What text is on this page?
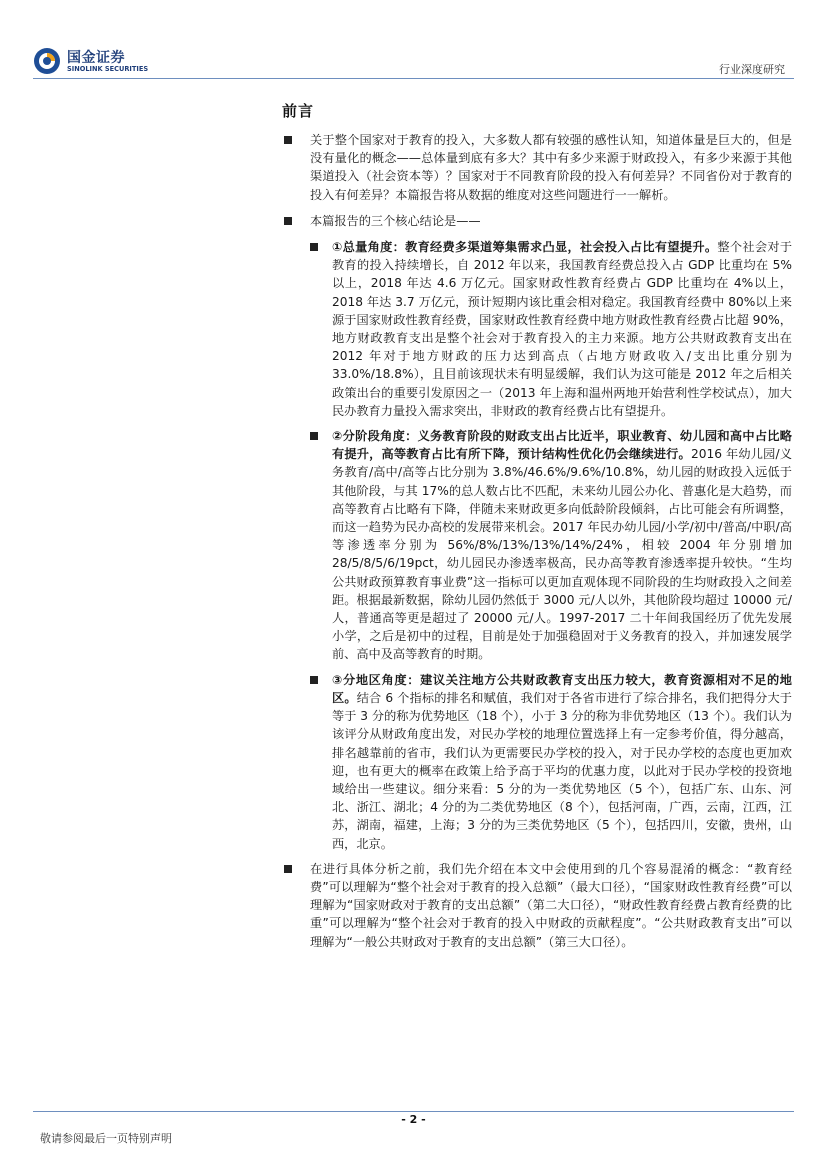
国金证券
SINOLINK SECURITIES	行业深度研究
前言
关于整个国家对于教育的投入，大多数人都有较强的感性认知，知道体量是巨大的，但是没有量化的概念——总体量到底有多大？其中有多少来源于财政投入，有多少来源于其他渠道投入（社会资本等）？国家对于不同教育阶段的投入有何差异？不同省份对于教育的投入有何差异？本篇报告将从数据的维度对这些问题进行一一解析。
本篇报告的三个核心结论是——
①总量角度：教育经费多渠道筹集需求凸显，社会投入占比有望提升。整个社会对于教育的投入持续增长，自 2012 年以来，我国教育经费总投入占 GDP 比重均在 5%以上，2018 年达 4.6 万亿元。国家财政性教育经费占 GDP 比重均在 4%以上，2018 年达 3.7 万亿元，预计短期内该比重会相对稳定。我国教育经费中 80%以上来源于国家财政性教育经费，国家财政性教育经费中地方财政性教育经费占比超 90%，地方财政教育支出是整个社会对于教育投入的主力来源。地方公共财政教育支出在 2012 年对于地方财政的压力达到高点（占地方财政收入/支出比重分别为 33.0%/18.8%），且目前该现状未有明显缓解，我们认为这可能是 2012 年之后相关政策出台的重要引发原因之一（2013 年上海和温州两地开始营利性学校试点），加大民办教育力量投入需求突出，非财政的教育经费占比有望提升。
②分阶段角度：义务教育阶段的财政支出占比近半，职业教育、幼儿园和高中占比略有提升，高等教育占比有所下降，预计结构性优化仍会继续进行。2016 年幼儿园/义务教育/高中/高等占比分别为 3.8%/46.6%/9.6%/10.8%，幼儿园的财政投入远低于其他阶段，与其 17%的总人数占比不匹配，未来幼儿园公办化、普惠化是大趋势，而高等教育占比略有下降，伴随未来财政更多向低龄阶段倾斜，占比可能会有所调整，而这一趋势为民办高校的发展带来机会。2017 年民办幼儿园/小学/初中/普高/中职/高等渗透率分别为 56%/8%/13%/13%/14%/24%，相较 2004 年分别增加 28/5/8/5/6/19pct，幼儿园民办渗透率极高，民办高等教育渗透率提升较快。“生均公共财政预算教育事业费”这一指标可以更加直观体现不同阶段的生均财政投入之间差距。根据最新数据，除幼儿园仍然低于 3000 元/人以外，其他阶段均超过 10000 元/人，普通高等更是超过了 20000 元/人。1997-2017 二十年间我国经历了优先发展小学，之后是初中的过程，目前是处于加强稳固对于义务教育的投入，并加速发展学前、高中及高等教育的时期。
③分地区角度：建议关注地方公共财政教育支出压力较大，教育资源相对不足的地区。结合 6 个指标的排名和赋值，我们对于各省市进行了综合排名，我们把得分大于等于 3 分的称为优势地区（18 个），小于 3 分的称为非优势地区（13 个）。我们认为该评分从财政角度出发，对民办学校的地理位置选择上有一定参考价值，得分越高，排名越靠前的省市，我们认为更需要民办学校的投入，对于民办学校的态度也更加欢迎，也有更大的概率在政策上给予高于平均的优惠力度，以此对于民办学校的投资地域给出一些建议。细分来看：5 分的为一类优势地区（5 个），包括广东、山东、河北、浙江、湖北；4 分的为二类优势地区（8 个），包括河南，广西，云南，江西，江苏，湖南，福建，上海；3 分的为三类优势地区（5 个），包括四川，安徽，贵州，山西，北京。
在进行具体分析之前，我们先介绍在本文中会使用到的几个容易混淆的概念：“教育经费”可以理解为“整个社会对于教育的投入总额”（最大口径），“国家财政性教育经费”可以理解为“国家财政对于教育的支出总额”（第二大口径），“财政性教育经费占教育经费的比重”可以理解为“整个社会对于教育的投入中财政的贡献程度”。“公共财政教育支出”可以理解为“一般公共财政对于教育的支出总额”（第三大口径）。
- 2 -
敬请参阅最后一页特别声明
